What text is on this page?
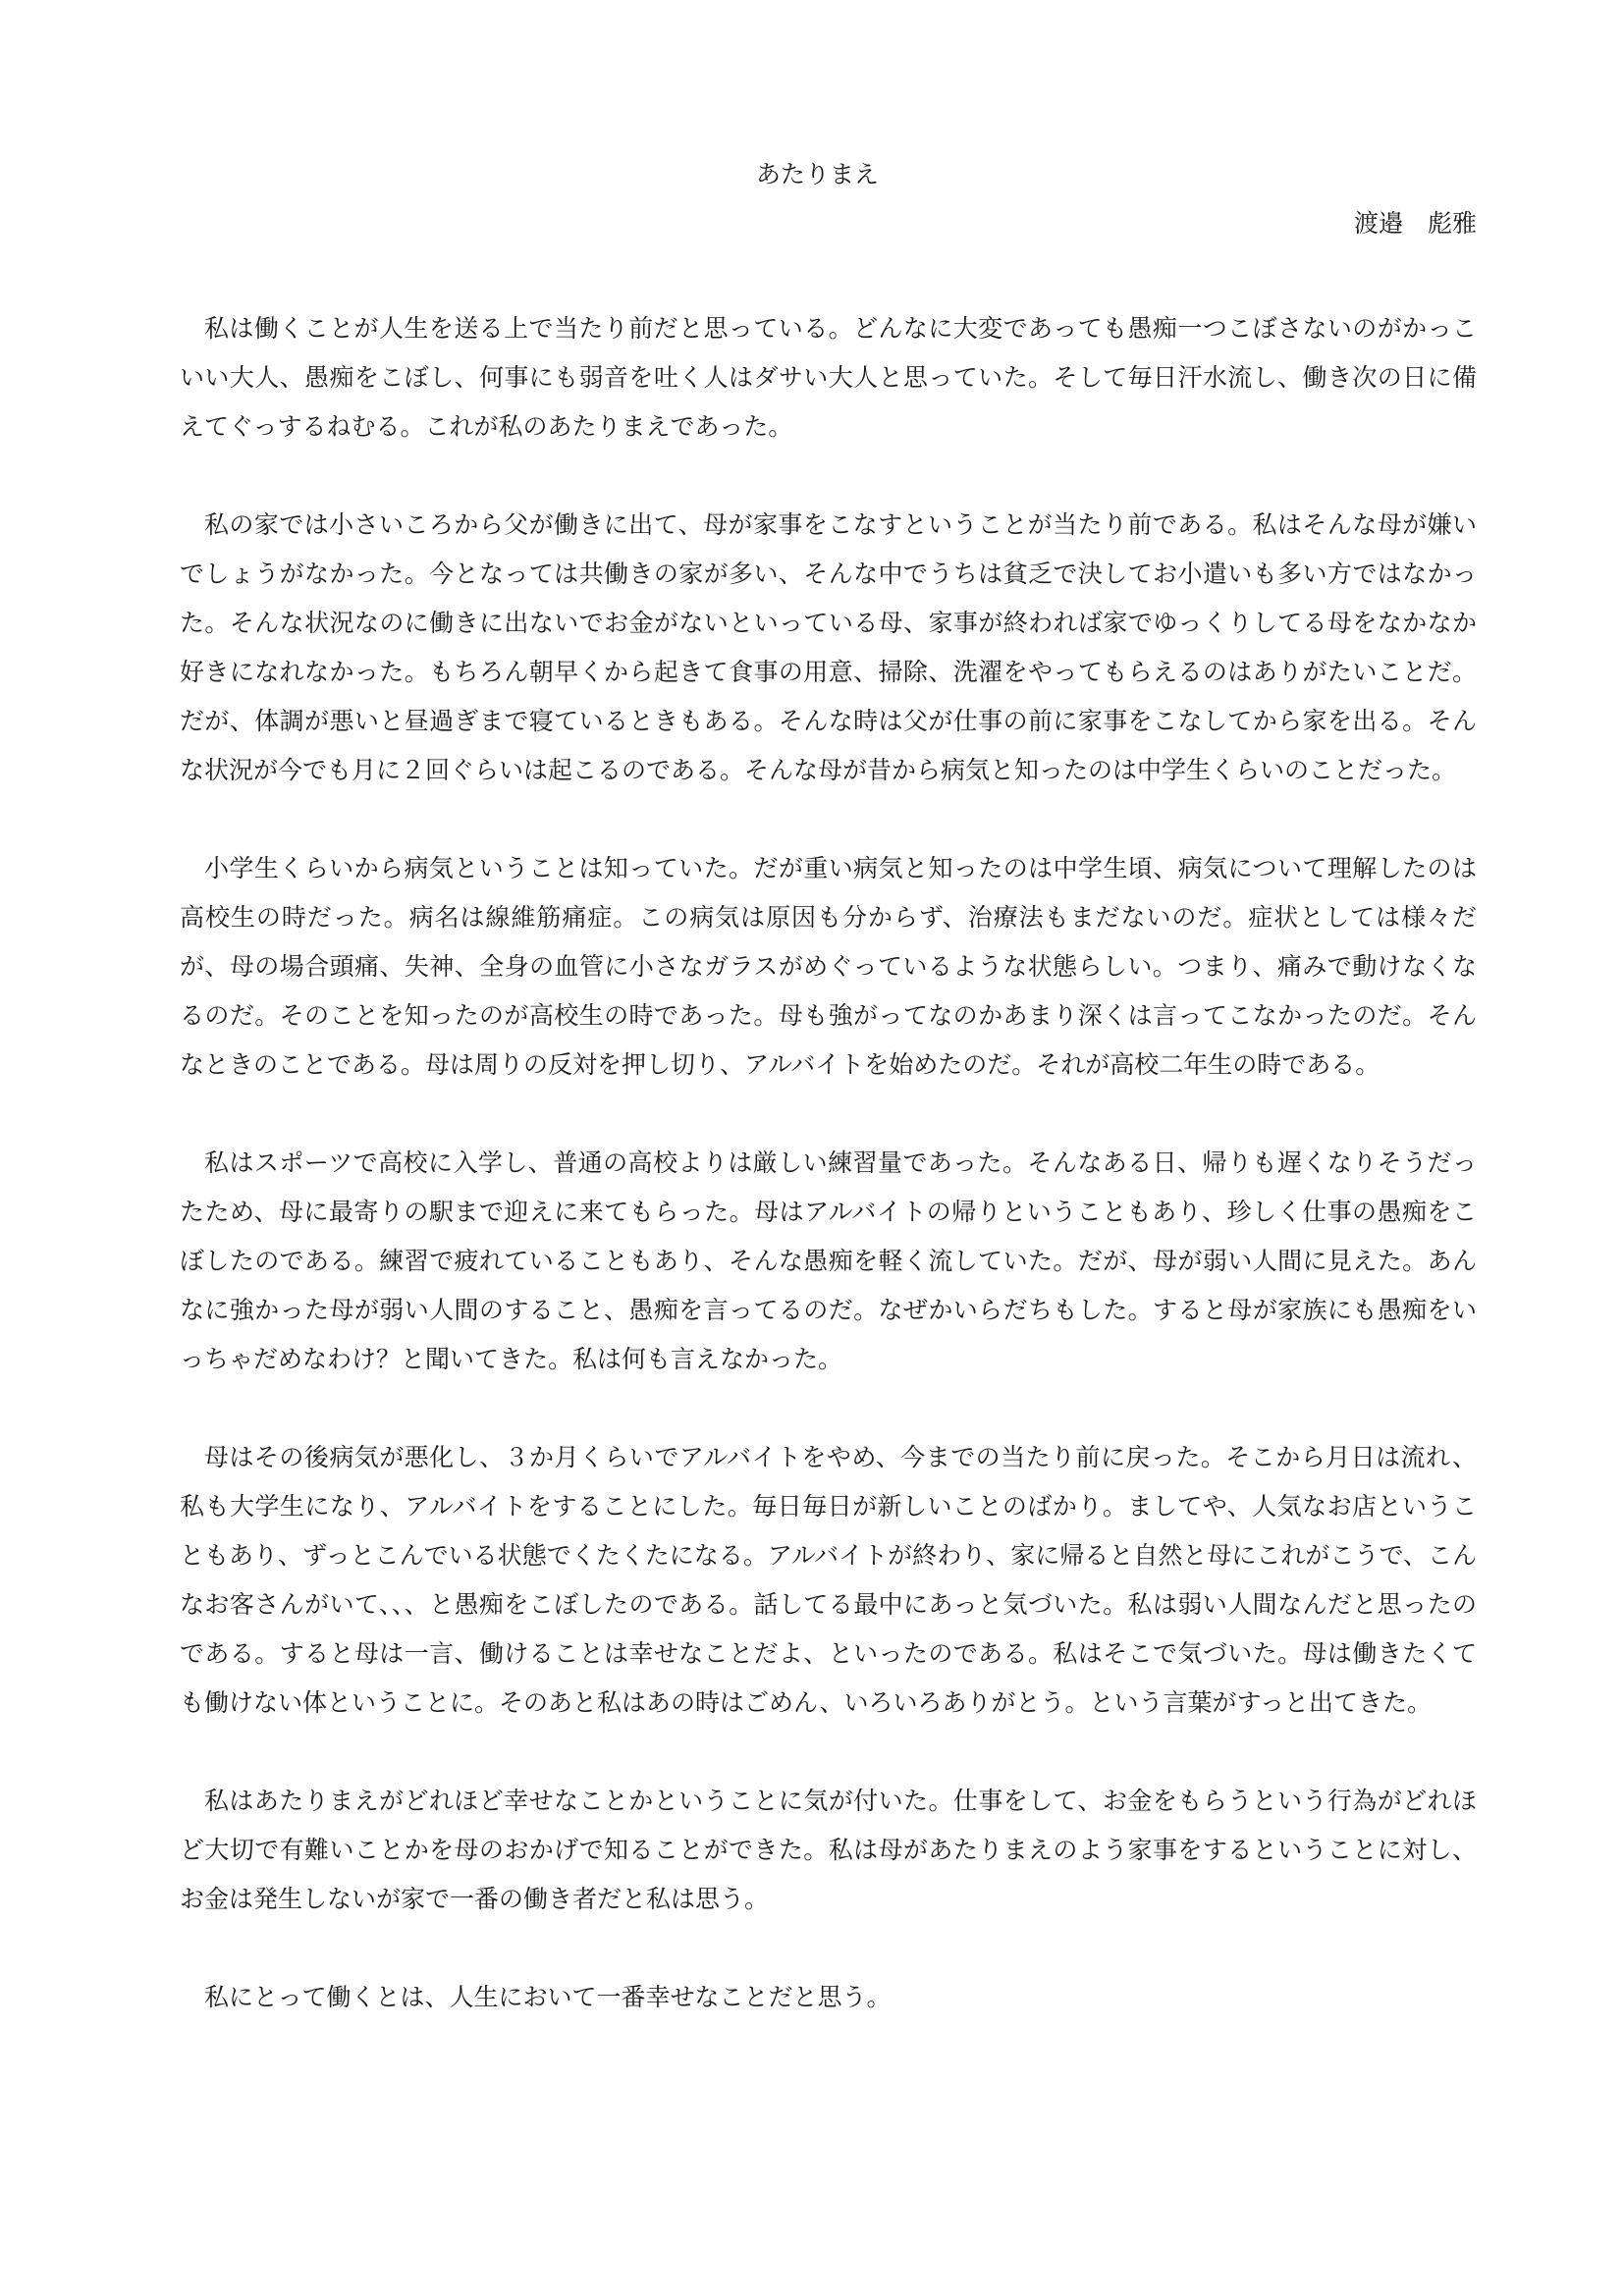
あたりまえ
渡邉　彪雅

私は働くことが人生を送る上で当たり前だと思っている。どんなに大変であっても愚痴一つこぼさないのがかっこいい大人、愚痴をこぼし、何事にも弱音を吐く人はダサい大人と思っていた。そして毎日汗水流し、働き次の日に備えてぐっするねむる。これが私のあたりまえであった。

私の家では小さいころから父が働きに出て、母が家事をこなすということが当たり前である。私はそんな母が嫌いでしょうがなかった。今となっては共働きの家が多い、そんな中でうちは貧乏で決してお小遣いも多い方ではなかった。そんな状況なのに働きに出ないでお金がないといっている母、家事が終われば家でゆっくりしてる母をなかなか好きになれなかった。もちろん朝早くから起きて食事の用意、掃除、洗濯をやってもらえるのはありがたいことだ。だが、体調が悪いと昼過ぎまで寝ているときもある。そんな時は父が仕事の前に家事をこなしてから家を出る。そんな状況が今でも月に２回ぐらいは起こるのである。そんな母が昔から病気と知ったのは中学生くらいのことだった。

小学生くらいから病気ということは知っていた。だが重い病気と知ったのは中学生頃、病気について理解したのは高校生の時だった。病名は線維筋痛症。この病気は原因も分からず、治療法もまだないのだ。症状としては様々だが、母の場合頭痛、失神、全身の血管に小さなガラスがめぐっているような状態らしい。つまり、痛みで動けなくなるのだ。そのことを知ったのが高校生の時であった。母も強がってなのかあまり深くは言ってこなかったのだ。そんなときのことである。母は周りの反対を押し切り、アルバイトを始めたのだ。それが高校二年生の時である。

私はスポーツで高校に入学し、普通の高校よりは厳しい練習量であった。そんなある日、帰りも遅くなりそうだったため、母に最寄りの駅まで迎えに来てもらった。母はアルバイトの帰りということもあり、珍しく仕事の愚痴をこぼしたのである。練習で疲れていることもあり、そんな愚痴を軽く流していた。だが、母が弱い人間に見えた。あんなに強かった母が弱い人間のすること、愚痴を言ってるのだ。なぜかいらだちもした。すると母が家族にも愚痴をいっちゃだめなわけ？と聞いてきた。私は何も言えなかった。

母はその後病気が悪化し、３か月くらいでアルバイトをやめ、今までの当たり前に戻った。そこから月日は流れ、私も大学生になり、アルバイトをすることにした。毎日毎日が新しいことのばかり。ましてや、人気なお店ということもあり、ずっとこんでいる状態でくたくたになる。アルバイトが終わり、家に帰ると自然と母にこれがこうで、こんなお客さんがいて、、、と愚痴をこぼしたのである。話してる最中にあっと気づいた。私は弱い人間なんだと思ったのである。すると母は一言、働けることは幸せなことだよ、といったのである。私はそこで気づいた。母は働きたくても働けない体ということに。そのあと私はあの時はごめん、いろいろありがとう。という言葉がすっと出てきた。

私はあたりまえがどれほど幸せなことかということに気が付いた。仕事をして、お金をもらうという行為がどれほど大切で有難いことかを母のおかげで知ることができた。私は母があたりまえのよう家事をするということに対し、お金は発生しないが家で一番の働き者だと私は思う。

私にとって働くとは、人生において一番幸せなことだと思う。
